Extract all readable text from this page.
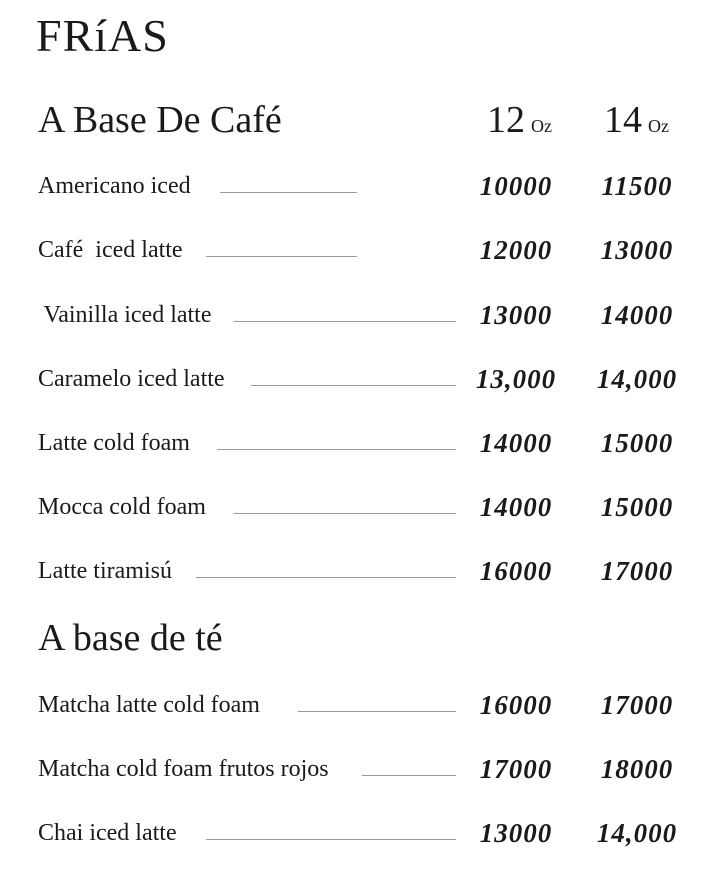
FRíAS
A Base De Café	12 Oz 14 Oz
Americano iced	10000	11500
Café  iced latte	12000	13000
Vainilla iced latte	13000	14000
Caramelo iced latte	13,000	14,000
Latte cold foam	14000	15000
Mocca cold foam	14000	15000
Latte tiramisú	16000	17000
A base de té
Matcha latte cold foam	16000	17000
Matcha cold foam frutos rojos	17000	18000
Chai iced latte	13000	14,000
